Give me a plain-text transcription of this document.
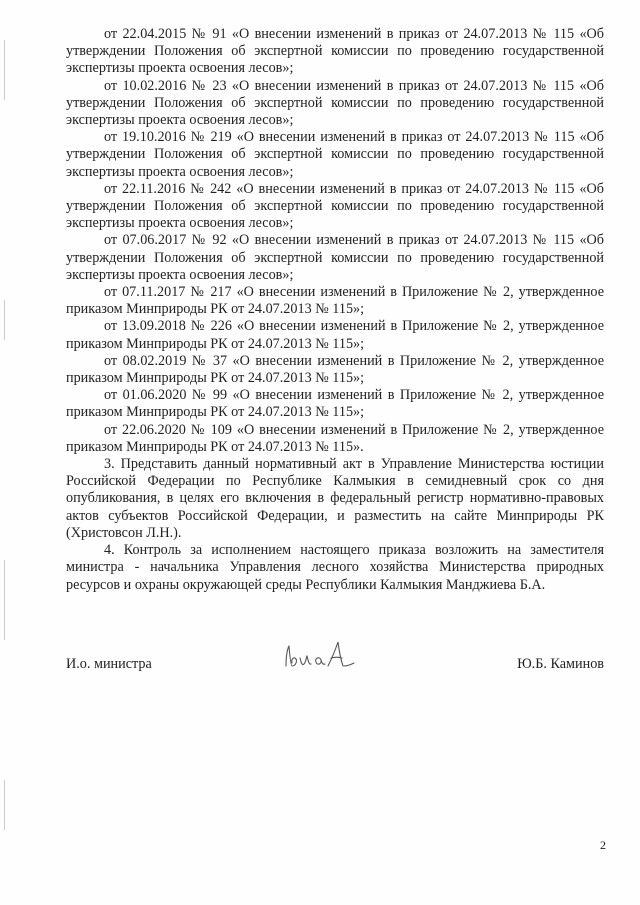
от 22.04.2015 № 91 «О внесении изменений в приказ от 24.07.2013 № 115 «Об утверждении Положения об экспертной комиссии по проведению государственной экспертизы проекта освоения лесов»;

от 10.02.2016 № 23 «О внесении изменений в приказ от 24.07.2013 № 115 «Об утверждении Положения об экспертной комиссии по проведению государственной экспертизы проекта освоения лесов»;

от 19.10.2016 № 219 «О внесении изменений в приказ от 24.07.2013 № 115 «Об утверждении Положения об экспертной комиссии по проведению государственной экспертизы проекта освоения лесов»;

от 22.11.2016 № 242 «О внесении изменений в приказ от 24.07.2013 № 115 «Об утверждении Положения об экспертной комиссии по проведению государственной экспертизы проекта освоения лесов»;

от 07.06.2017 № 92 «О внесении изменений в приказ от 24.07.2013 № 115 «Об утверждении Положения об экспертной комиссии по проведению государственной экспертизы проекта освоения лесов»;

от 07.11.2017 № 217 «О внесении изменений в Приложение № 2, утвержденное приказом Минприроды РК от 24.07.2013 № 115»;

от 13.09.2018 № 226 «О внесении изменений в Приложение № 2, утвержденное приказом Минприроды РК от 24.07.2013 № 115»;

от 08.02.2019 № 37 «О внесении изменений в Приложение № 2, утвержденное приказом Минприроды РК от 24.07.2013 № 115»;

от 01.06.2020 № 99 «О внесении изменений в Приложение № 2, утвержденное приказом Минприроды РК от 24.07.2013 № 115»;

от 22.06.2020 № 109 «О внесении изменений в Приложение № 2, утвержденное приказом Минприроды РК от 24.07.2013 № 115».

3. Представить данный нормативный акт в Управление Министерства юстиции Российской Федерации по Республике Калмыкия в семидневный срок со дня опубликования, в целях его включения в федеральный регистр нормативно-правовых актов субъектов Российской Федерации, и разместить на сайте Минприроды РК (Христовсон Л.Н.).

4. Контроль за исполнением настоящего приказа возложить на заместителя министра - начальника Управления лесного хозяйства Министерства природных ресурсов и охраны окружающей среды Республики Калмыкия Манджиева Б.А.

И.о. министра	Ю.Б. Каминов
2
